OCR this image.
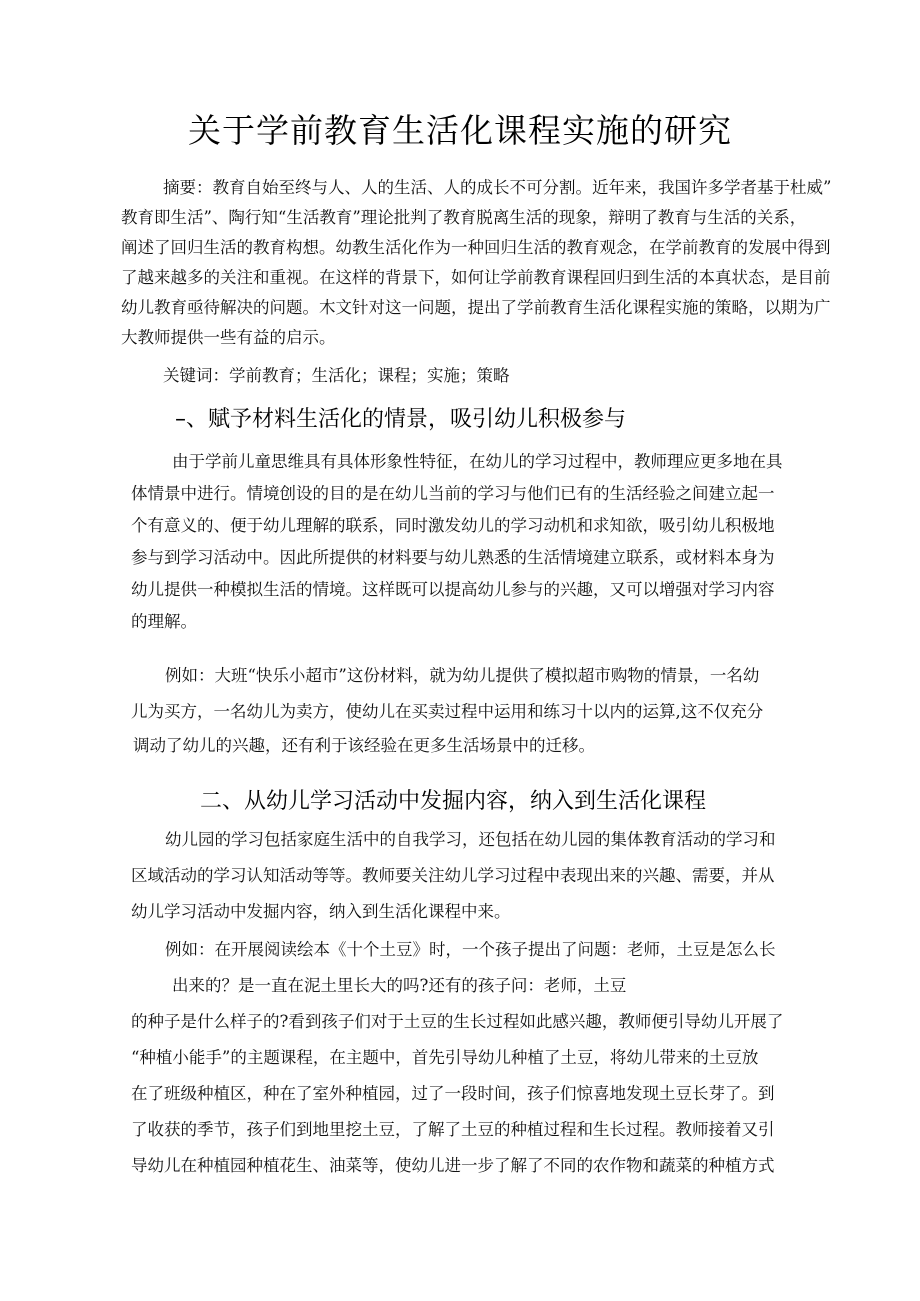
关于学前教育生活化课程实施的研究

摘要：教育自始至终与人、人的生活、人的成长不可分割。近年来，我国许多学者基于杜威”

教育即生活”、陶行知“生活教育”理论批判了教育脱离生活的现象，辩明了教育与生活的关系，

阐述了回归生活的教育构想。幼教生活化作为一种回归生活的教育观念，在学前教育的发展中得到

了越来越多的关注和重视。在这样的背景下，如何让学前教育课程回归到生活的本真状态，是目前

幼儿教育亟待解决的问题。木文针对这一问题，提出了学前教育生活化课程实施的策略，以期为广

大教师提供一些有益的启示。

关键词：学前教育；生活化；课程；实施；策略

–、赋予材料生活化的情景，吸引幼儿积极参与

由于学前儿童思维具有具体形象性特征，在幼儿的学习过程中，教师理应更多地在具

体情景中进行。情境创设的目的是在幼儿当前的学习与他们已有的生活经验之间建立起一

个有意义的、便于幼儿理解的联系，同时激发幼儿的学习动机和求知欲，吸引幼儿积极地

参与到学习活动中。因此所提供的材料要与幼儿熟悉的生活情境建立联系，或材料本身为

幼儿提供一种模拟生活的情境。这样既可以提高幼儿参与的兴趣，又可以增强对学习内容

的理解。

例如：大班“快乐小超市”这份材料，就为幼儿提供了模拟超市购物的情景，一名幼

儿为买方，一名幼儿为卖方，使幼儿在买卖过程中运用和练习十以内的运算,这不仅充分

调动了幼儿的兴趣，还有利于该经验在更多生活场景中的迁移。

二、从幼儿学习活动中发掘内容，纳入到生活化课程

幼儿园的学习包括家庭生活中的自我学习，还包括在幼儿园的集体教育活动的学习和

区域活动的学习认知活动等等。教师要关注幼儿学习过程中表现出来的兴趣、需要，并从

幼儿学习活动中发掘内容，纳入到生活化课程中来。

例如：在开展阅读绘本《十个土豆》时，一个孩子提出了问题：老师，土豆是怎么长

出来的？是一直在泥土里长大的吗?还有的孩子问：老师，土豆

的种子是什么样子的?看到孩子们对于土豆的生长过程如此感兴趣，教师便引导幼儿开展了

“种植小能手”的主题课程，在主题中，首先引导幼儿种植了土豆，将幼儿带来的土豆放

在了班级种植区，种在了室外种植园，过了一段时间，孩子们惊喜地发现土豆长芽了。到

了收获的季节，孩子们到地里挖土豆，了解了土豆的种植过程和生长过程。教师接着又引

导幼儿在种植园种植花生、油菜等，使幼儿进一步了解了不同的农作物和蔬菜的种植方式
